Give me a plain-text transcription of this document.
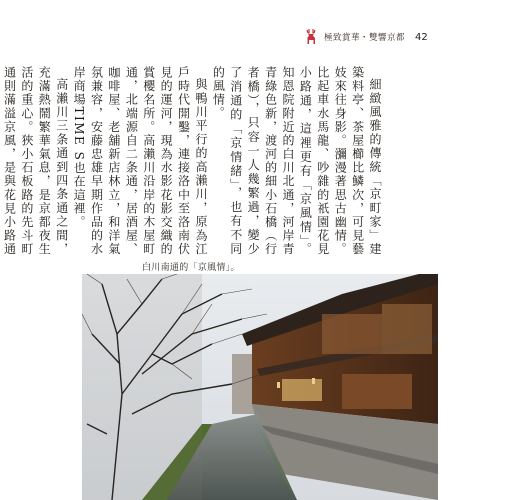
極致賞華・雙響京都 42

細緻風雅的傳統「京町家」建築料亭、茶屋櫛比鱗次，可見藝妓來往身影。瀰漫著思古幽情。比起車水馬龍、吵雜的祇園花見小路通，這裡更有「京風情」。知恩院附近的白川北通，河岸青青綠色新，渡河的細小石橋（行者橋），只容一人幾繁過，變少了消通的「京情緒」，也有不同的風情。

與鴨川平行的高瀨川，原為江戶時代開鑿，連接洛中至洛南伏見的運河，現為水影花影交織的賞櫻名所。高瀨川沿岸的木屋町通，北端源自二条通，居酒屋、咖啡屋、老舖新店林立，和洋氣氛兼容，安藤忠雄早期作品的水岸商場TIME S也在這裡。

高瀨川三条通到四条通之間，充滿熱鬧繁華氣息，是京都夜生活的重心。狹小石板路的先斗町通則滿溢京風，是與花見小路通

白川南通的「京風情」。
